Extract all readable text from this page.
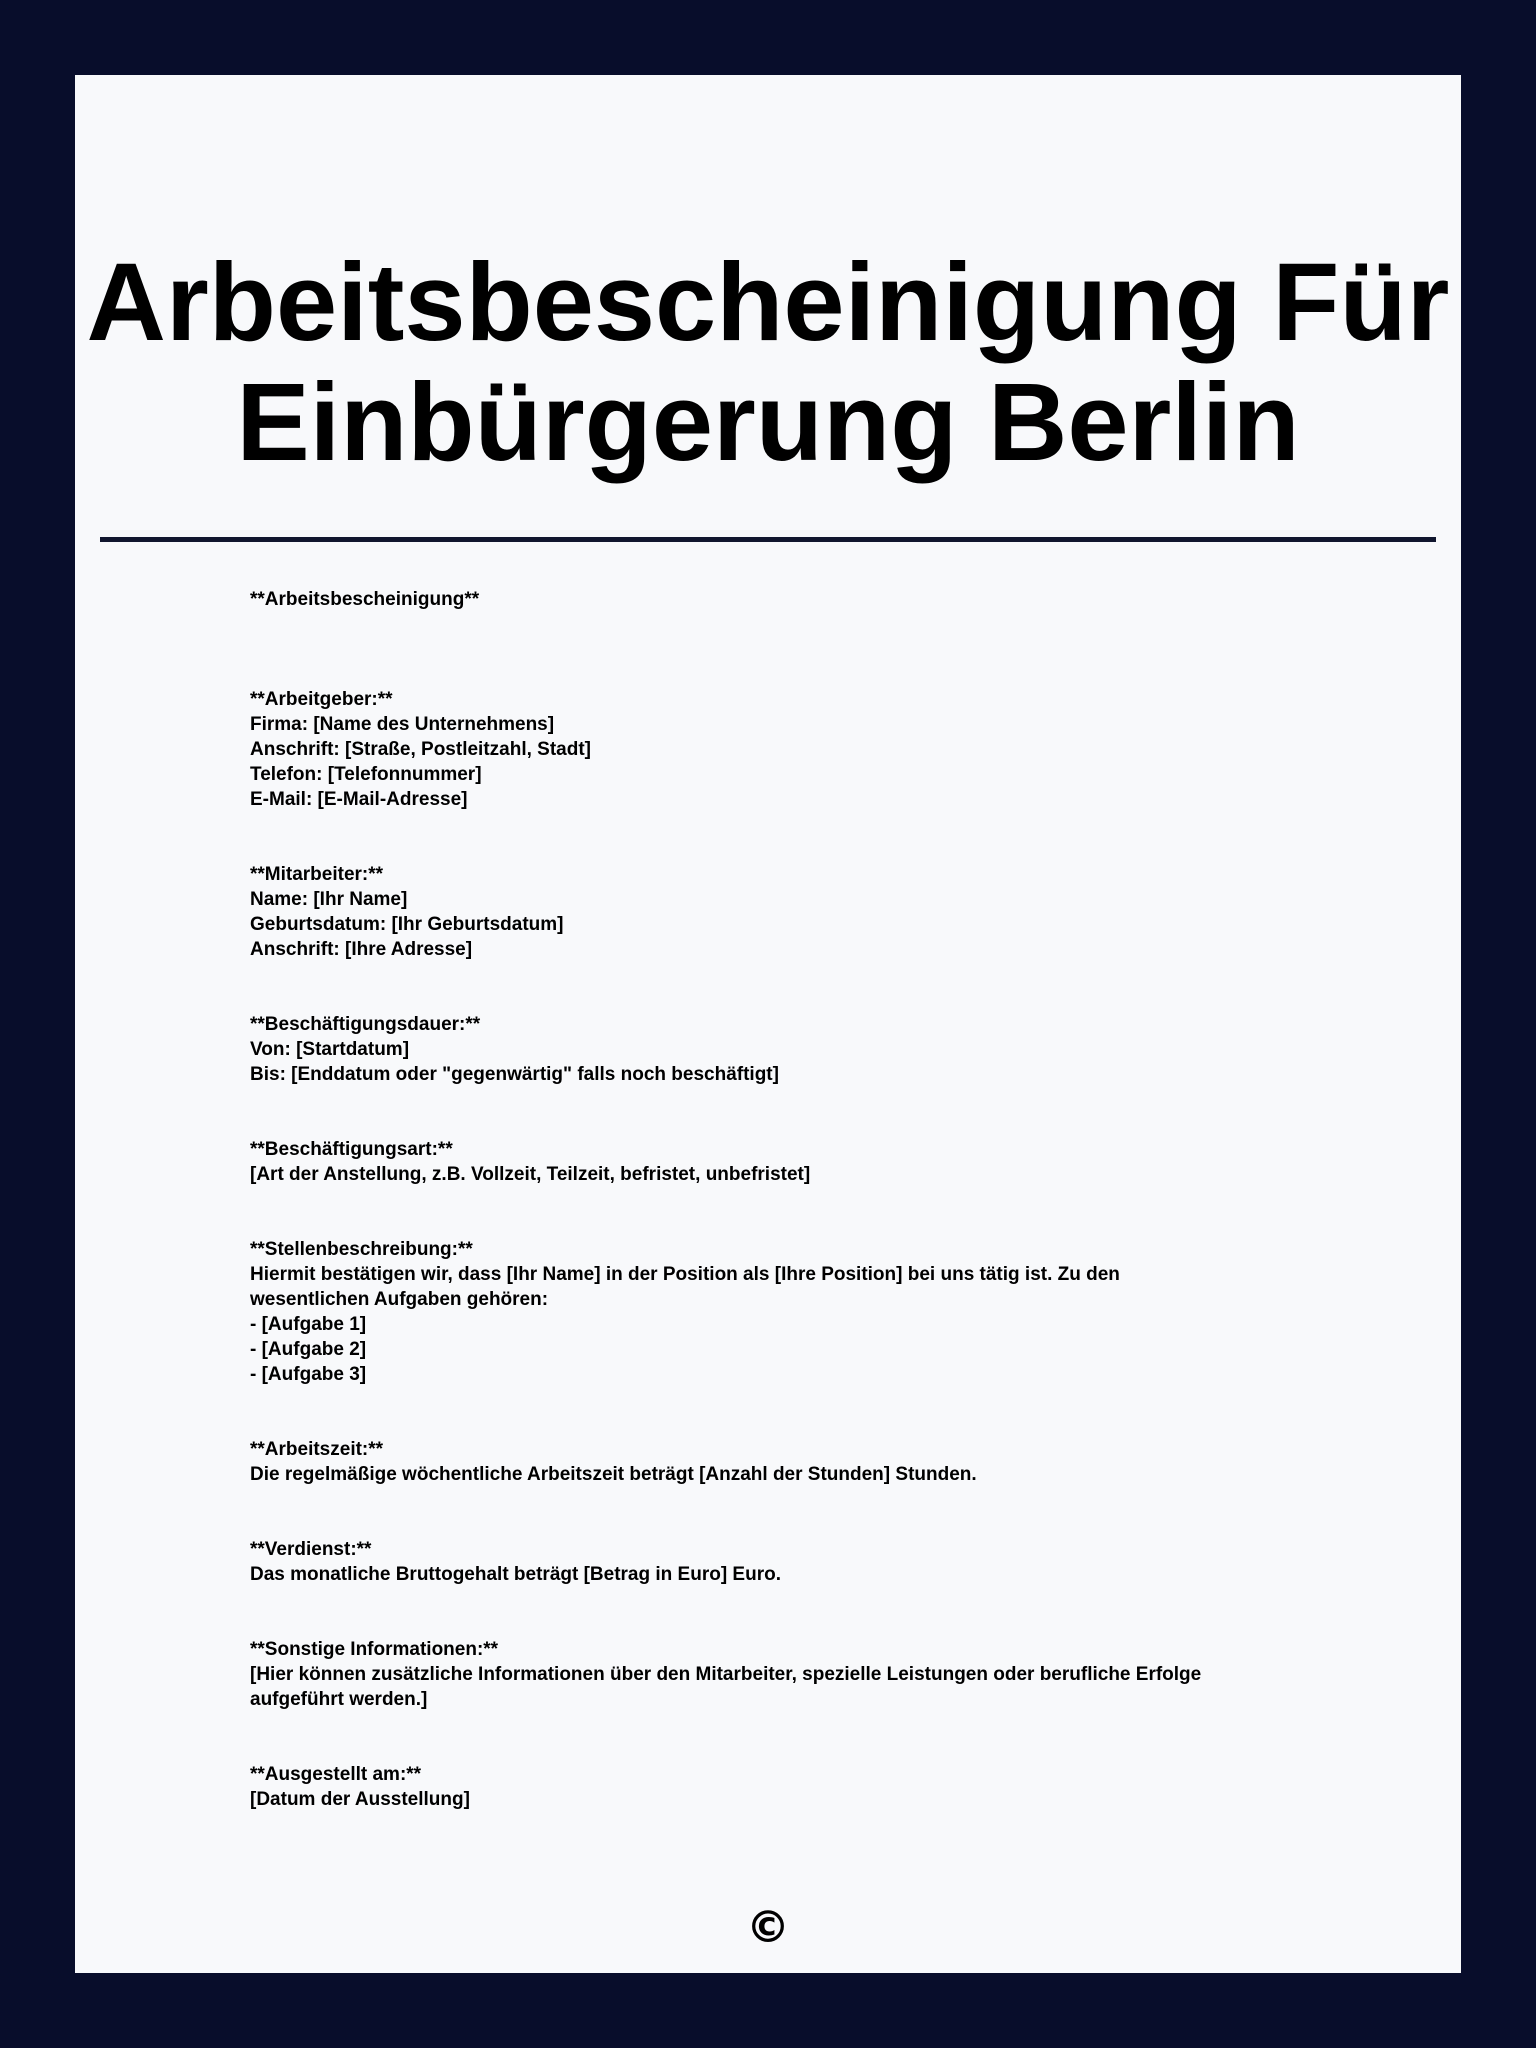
Arbeitsbescheinigung Für
Einbürgerung Berlin
**Arbeitsbescheinigung**
**Arbeitgeber:**
Firma: [Name des Unternehmens]
Anschrift: [Straße, Postleitzahl, Stadt]
Telefon: [Telefonnummer]
E-Mail: [E-Mail-Adresse]
**Mitarbeiter:**
Name: [Ihr Name]
Geburtsdatum: [Ihr Geburtsdatum]
Anschrift: [Ihre Adresse]
**Beschäftigungsdauer:**
Von: [Startdatum]
Bis: [Enddatum oder "gegenwärtig" falls noch beschäftigt]
**Beschäftigungsart:**
[Art der Anstellung, z.B. Vollzeit, Teilzeit, befristet, unbefristet]
**Stellenbeschreibung:**
Hiermit bestätigen wir, dass [Ihr Name] in der Position als [Ihre Position] bei uns tätig ist. Zu den
wesentlichen Aufgaben gehören:
- [Aufgabe 1]
- [Aufgabe 2]
- [Aufgabe 3]
**Arbeitszeit:**
Die regelmäßige wöchentliche Arbeitszeit beträgt [Anzahl der Stunden] Stunden.
**Verdienst:**
Das monatliche Bruttogehalt beträgt [Betrag in Euro] Euro.
**Sonstige Informationen:**
[Hier können zusätzliche Informationen über den Mitarbeiter, spezielle Leistungen oder berufliche Erfolge
aufgeführt werden.]
**Ausgestellt am:**
[Datum der Ausstellung]
©
